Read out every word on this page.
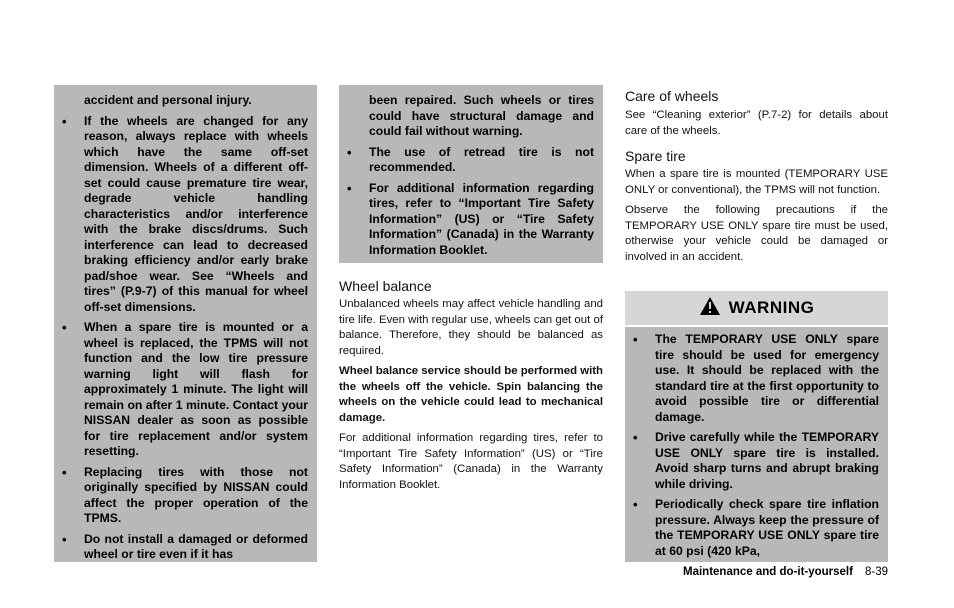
accident and personal injury.
• If the wheels are changed for any reason, always replace with wheels which have the same off-set dimension. Wheels of a different off-set could cause premature tire wear, degrade vehicle handling characteristics and/or interference with the brake discs/drums. Such interference can lead to decreased braking efficiency and/or early brake pad/shoe wear. See “Wheels and tires” (P.9-7) of this manual for wheel off-set dimensions.
• When a spare tire is mounted or a wheel is replaced, the TPMS will not function and the low tire pressure warning light will flash for approximately 1 minute. The light will remain on after 1 minute. Contact your NISSAN dealer as soon as possible for tire replacement and/or system resetting.
• Replacing tires with those not originally specified by NISSAN could affect the proper operation of the TPMS.
• Do not install a damaged or deformed wheel or tire even if it has
been repaired. Such wheels or tires could have structural damage and could fail without warning.
• The use of retread tire is not recommended.
• For additional information regarding tires, refer to “Important Tire Safety Information” (US) or “Tire Safety Information” (Canada) in the Warranty Information Booklet.
Wheel balance

Unbalanced wheels may affect vehicle handling and tire life. Even with regular use, wheels can get out of balance. Therefore, they should be balanced as required.

Wheel balance service should be performed with the wheels off the vehicle. Spin balancing the wheels on the vehicle could lead to mechanical damage.

For additional information regarding tires, refer to “Important Tire Safety Information” (US) or “Tire Safety Information” (Canada) in the Warranty Information Booklet.

Care of wheels

See “Cleaning exterior” (P.7-2) for details about care of the wheels.

Spare tire

When a spare tire is mounted (TEMPORARY USE ONLY or conventional), the TPMS will not function.

Observe the following precautions if the TEMPORARY USE ONLY spare tire must be used, otherwise your vehicle could be damaged or involved in an accident.

WARNING
• The TEMPORARY USE ONLY spare tire should be used for emergency use. It should be replaced with the standard tire at the first opportunity to avoid possible tire or differential damage.
• Drive carefully while the TEMPORARY USE ONLY spare tire is installed. Avoid sharp turns and abrupt braking while driving.
• Periodically check spare tire inflation pressure. Always keep the pressure of the TEMPORARY USE ONLY spare tire at 60 psi (420 kPa,
Maintenance and do-it-yourself 8-39
